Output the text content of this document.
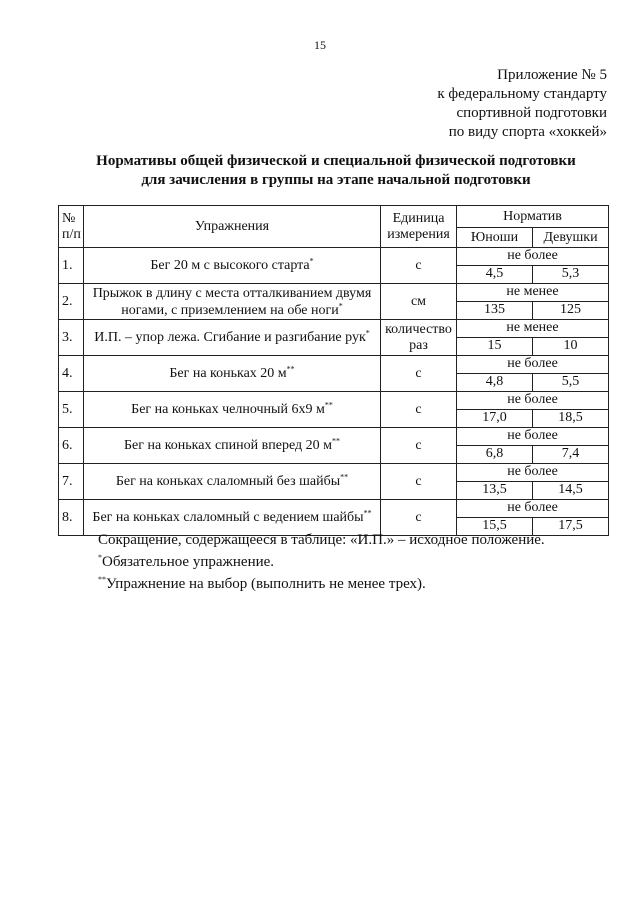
15
Приложение № 5
к федеральному стандарту
спортивной подготовки
по виду спорта «хоккей»
Нормативы общей физической и специальной физической подготовки
для зачисления в группы на этапе начальной подготовки
№ п/п	Упражнения	Единица измерения	Норматив	
			Юноши	Девушки
1.	Бег 20 м с высокого старта*	с	не более
4,5 5,3	

2.	Прыжок в длину с места отталкиванием двумя ногами, с приземлением на обе ноги*	см	не менее
135 125	

3.	И.П. – упор лежа. Сгибание и разгибание рук*	количество раз	не менее
15 10	

4.	Бег на коньках 20 м**	с	не более
4,8 5,5	

5.	Бег на коньках челночный 6х9 м**	с	не более
17,0 18,5	

6.	Бег на коньках спиной вперед 20 м**	с	не более
6,8 7,4	

7.	Бег на коньках слаломный без шайбы**	с	не более
13,5 14,5	

8.	Бег на коньках слаломный с ведением шайбы**	с	не более
15,5 17,5	
Сокращение, содержащееся в таблице: «И.П.» – исходное положение.
*Обязательное упражнение.
**Упражнение на выбор (выполнить не менее трех).
